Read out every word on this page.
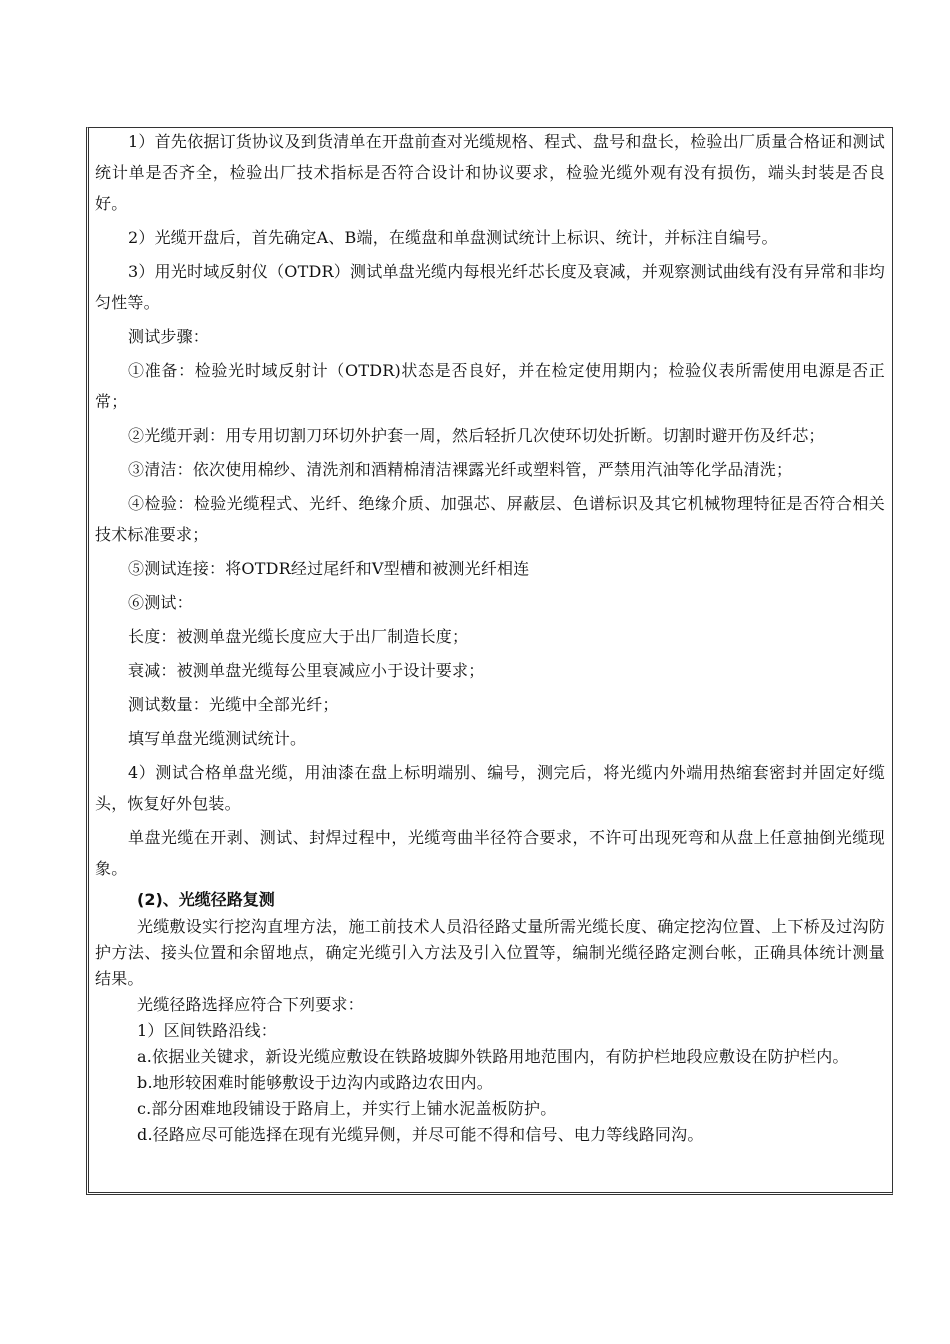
1）首先依据订货协议及到货清单在开盘前查对光缆规格、程式、盘号和盘长，检验出厂质量合格证和测试统计单是否齐全，检验出厂技术指标是否符合设计和协议要求，检验光缆外观有没有损伤，端头封装是否良好。

2）光缆开盘后，首先确定A、B端，在缆盘和单盘测试统计上标识、统计，并标注自编号。

3）用光时域反射仪（OTDR）测试单盘光缆内每根光纤芯长度及衰减，并观察测试曲线有没有异常和非均匀性等。

测试步骤：

①准备：检验光时域反射计（OTDR)状态是否良好，并在检定使用期内；检验仪表所需使用电源是否正常；

②光缆开剥：用专用切割刀环切外护套一周，然后轻折几次使环切处折断。切割时避开伤及纤芯；

③清洁：依次使用棉纱、清洗剂和酒精棉清洁裸露光纤或塑料管，严禁用汽油等化学品清洗；

④检验：检验光缆程式、光纤、绝缘介质、加强芯、屏蔽层、色谱标识及其它机械物理特征是否符合相关技术标准要求；

⑤测试连接：将OTDR经过尾纤和V型槽和被测光纤相连

⑥测试：

长度：被测单盘光缆长度应大于出厂制造长度；

衰减：被测单盘光缆每公里衰减应小于设计要求；

测试数量：光缆中全部光纤；

填写单盘光缆测试统计。

4）测试合格单盘光缆，用油漆在盘上标明端别、编号，测完后，将光缆内外端用热缩套密封并固定好缆头，恢复好外包装。

单盘光缆在开剥、测试、封焊过程中，光缆弯曲半径符合要求，不许可出现死弯和从盘上任意抽倒光缆现象。

(2)、光缆径路复测

光缆敷设实行挖沟直埋方法，施工前技术人员沿径路丈量所需光缆长度、确定挖沟位置、上下桥及过沟防护方法、接头位置和余留地点，确定光缆引入方法及引入位置等，编制光缆径路定测台帐，正确具体统计测量结果。

光缆径路选择应符合下列要求：

1）区间铁路沿线：

a.依据业关键求，新设光缆应敷设在铁路坡脚外铁路用地范围内，有防护栏地段应敷设在防护栏内。

b.地形较困难时能够敷设于边沟内或路边农田内。

c.部分困难地段铺设于路肩上，并实行上铺水泥盖板防护。

d.径路应尽可能选择在现有光缆异侧，并尽可能不得和信号、电力等线路同沟。
